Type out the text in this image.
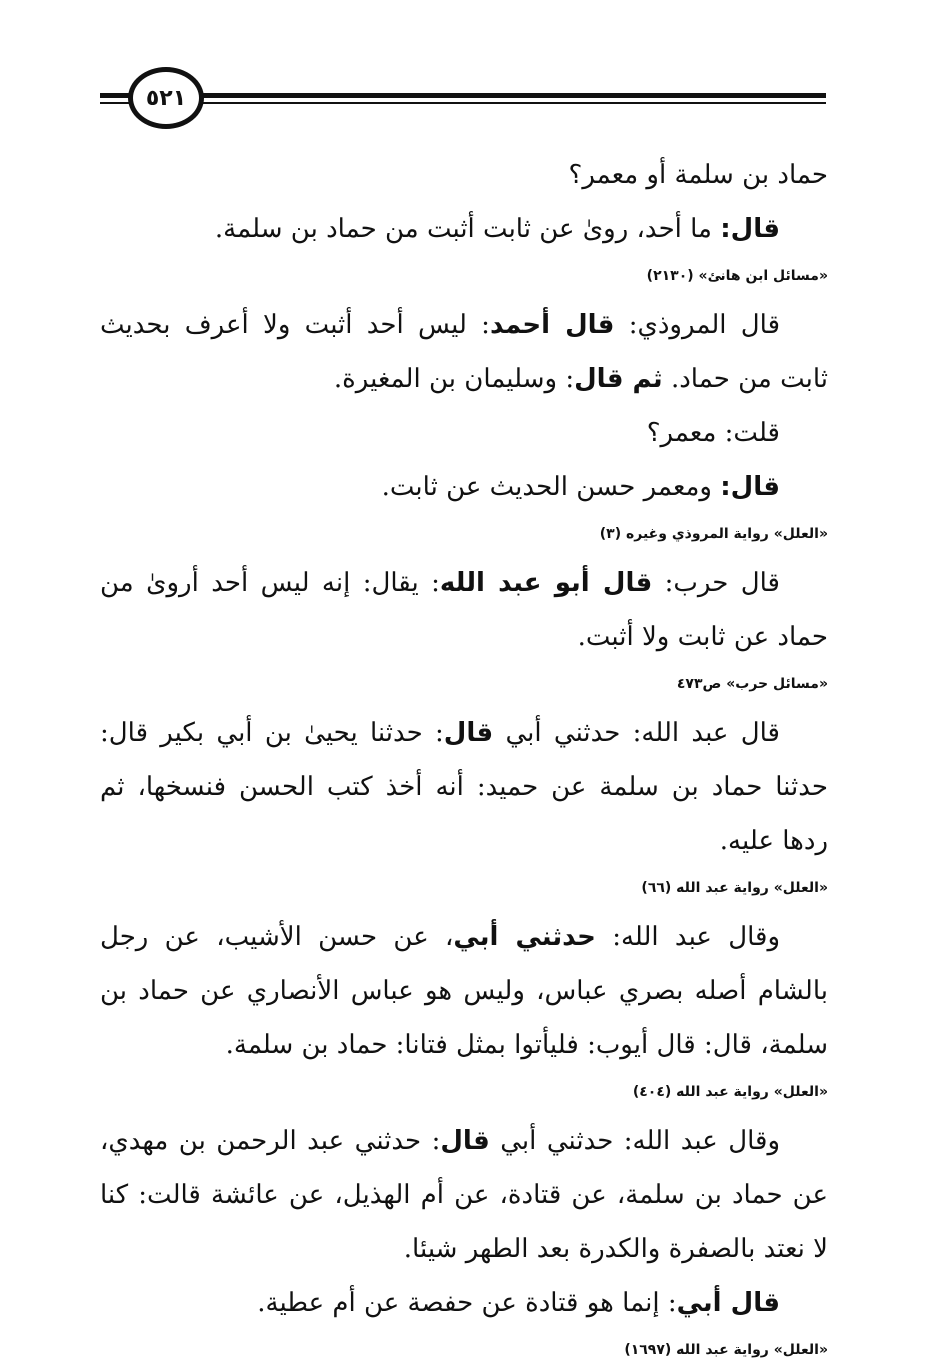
٥٢١

حماد بن سلمة أو معمر؟

قال: ما أحد، روىٰ عن ثابت أثبت من حماد بن سلمة.

«مسائل ابن هانئ» (٢١٣٠)

قال المروذي: قال أحمد: ليس أحد أثبت ولا أعرف بحديث ثابت من حماد. ثم قال: وسليمان بن المغيرة.

قلت: معمر؟

قال: ومعمر حسن الحديث عن ثابت.

«العلل» رواية المروذي وغيره (٣)

قال حرب: قال أبو عبد الله: يقال: إنه ليس أحد أروىٰ من حماد عن ثابت ولا أثبت.

«مسائل حرب» ص٤٧٣

قال عبد الله: حدثني أبي قال: حدثنا يحيىٰ بن أبي بكير قال: حدثنا حماد بن سلمة عن حميد: أنه أخذ كتب الحسن فنسخها، ثم ردها عليه.

«العلل» رواية عبد الله (٦٦)

وقال عبد الله: حدثني أبي، عن حسن الأشيب، عن رجل بالشام أصله بصري عباس، وليس هو عباس الأنصاري عن حماد بن سلمة، قال: قال أيوب: فليأتوا بمثل فتانا: حماد بن سلمة.

«العلل» رواية عبد الله (٤٠٤)

وقال عبد الله: حدثني أبي قال: حدثني عبد الرحمن بن مهدي، عن حماد بن سلمة، عن قتادة، عن أم الهذيل، عن عائشة قالت: كنا لا نعتد بالصفرة والكدرة بعد الطهر شيئا.

قال أبي: إنما هو قتادة عن حفصة عن أم عطية.

«العلل» رواية عبد الله (١٦٩٧)
